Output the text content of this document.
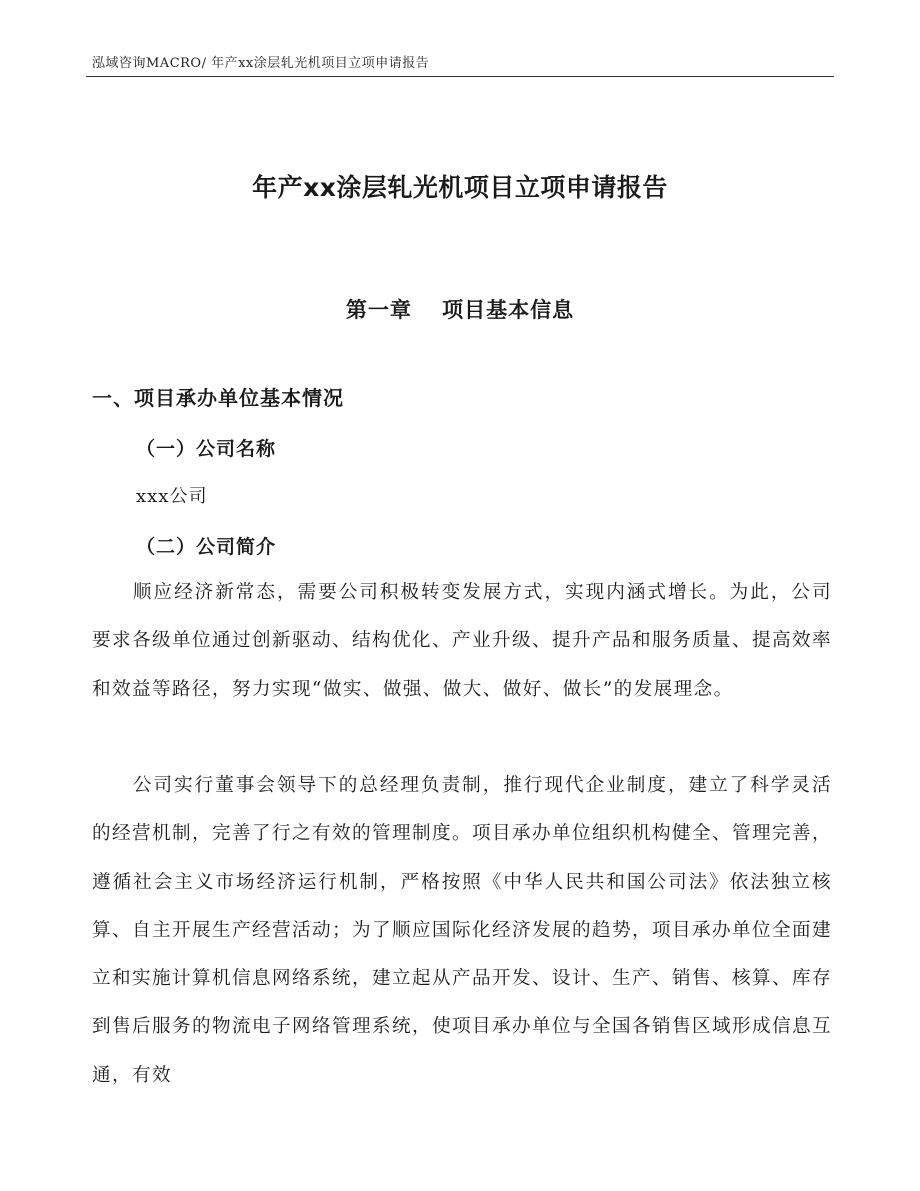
泓域咨询MACRO/ 年产xx涂层轧光机项目立项申请报告
年产xx涂层轧光机项目立项申请报告
第一章　 项目基本信息
一、项目承办单位基本情况
（一）公司名称
xxx公司
（二）公司简介

顺应经济新常态，需要公司积极转变发展方式，实现内涵式增长。为此，公司要求各级单位通过创新驱动、结构优化、产业升级、提升产品和服务质量、提高效率和效益等路径，努力实现“做实、做强、做大、做好、做长”的发展理念。

公司实行董事会领导下的总经理负责制，推行现代企业制度，建立了科学灵活的经营机制，完善了行之有效的管理制度。项目承办单位组织机构健全、管理完善，遵循社会主义市场经济运行机制，严格按照《中华人民共和国公司法》依法独立核算、自主开展生产经营活动；为了顺应国际化经济发展的趋势，项目承办单位全面建立和实施计算机信息网络系统，建立起从产品开发、设计、生产、销售、核算、库存到售后服务的物流电子网络管理系统，使项目承办单位与全国各销售区域形成信息互通，有效
